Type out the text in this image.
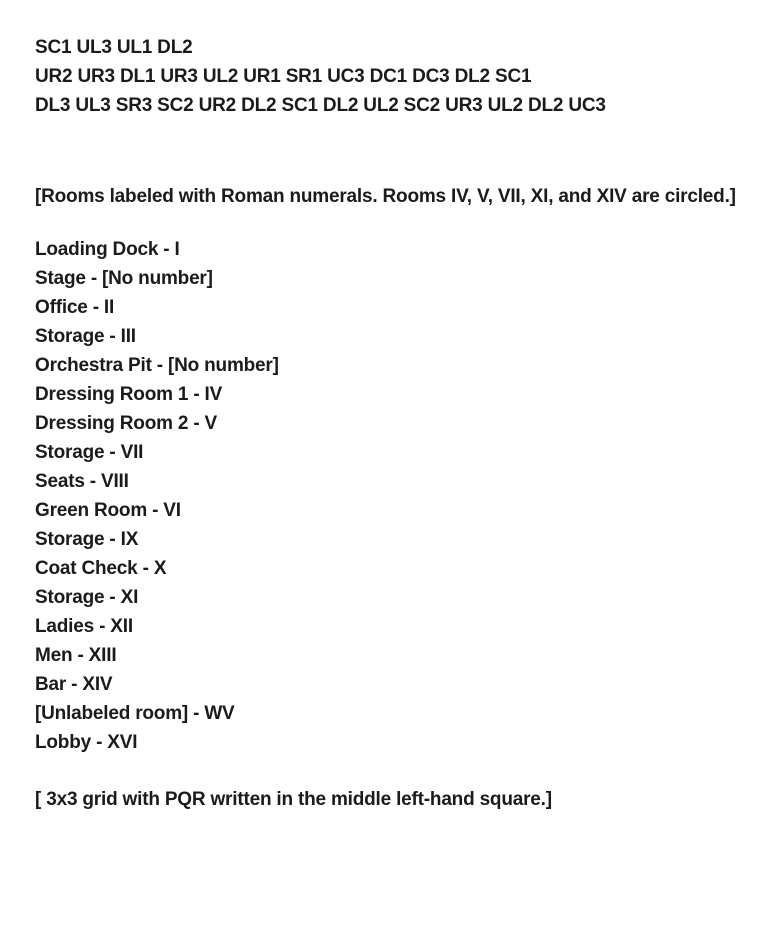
SC1 UL3 UL1 DL2
UR2 UR3 DL1 UR3 UL2 UR1 SR1 UC3 DC1 DC3 DL2 SC1
DL3 UL3 SR3 SC2 UR2 DL2 SC1 DL2 UL2 SC2 UR3 UL2 DL2 UC3
[Rooms labeled with Roman numerals. Rooms IV, V, VII, XI, and XIV are circled.]
Loading Dock - I
Stage - [No number]
Office - II
Storage - III
Orchestra Pit - [No number]
Dressing Room 1 - IV
Dressing Room 2 - V
Storage - VII
Seats - VIII
Green Room - VI
Storage - IX
Coat Check - X
Storage - XI
Ladies - XII
Men - XIII
Bar - XIV
[Unlabeled room] - WV
Lobby - XVI
[ 3x3 grid with PQR written in the middle left-hand square.]
